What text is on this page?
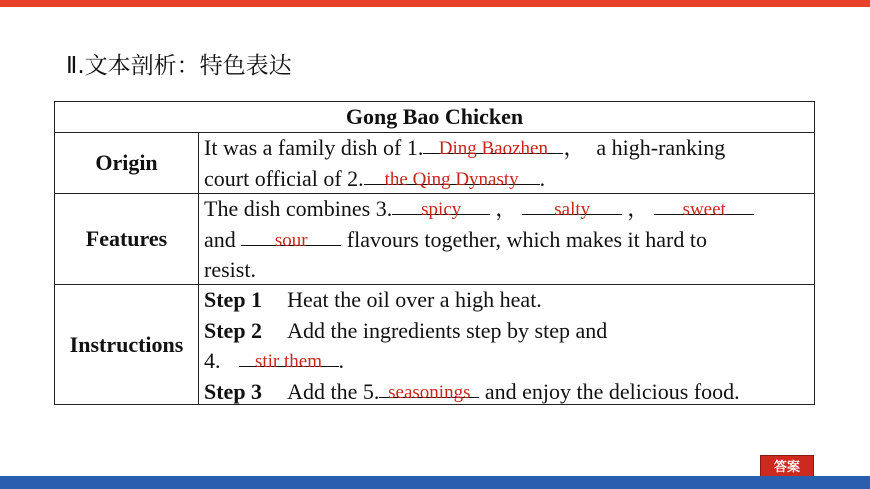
Ⅱ.文本剖析：特色表达
Gong Bao Chicken
Origin
It was a family dish of 1. Ding Baozhen ，  a high-ranking
court official of 2. the Qing Dynasty .
Features
The dish combines 3. spicy ， salty ， sweet
and sour flavours together, which makes it hard to
resist.
Instructions
Step 1 Heat the oil over a high heat.
Step 2 Add the ingredients step by step and
4. stir them .
Step 3 Add the 5. seasonings and enjoy the delicious food.
答案
